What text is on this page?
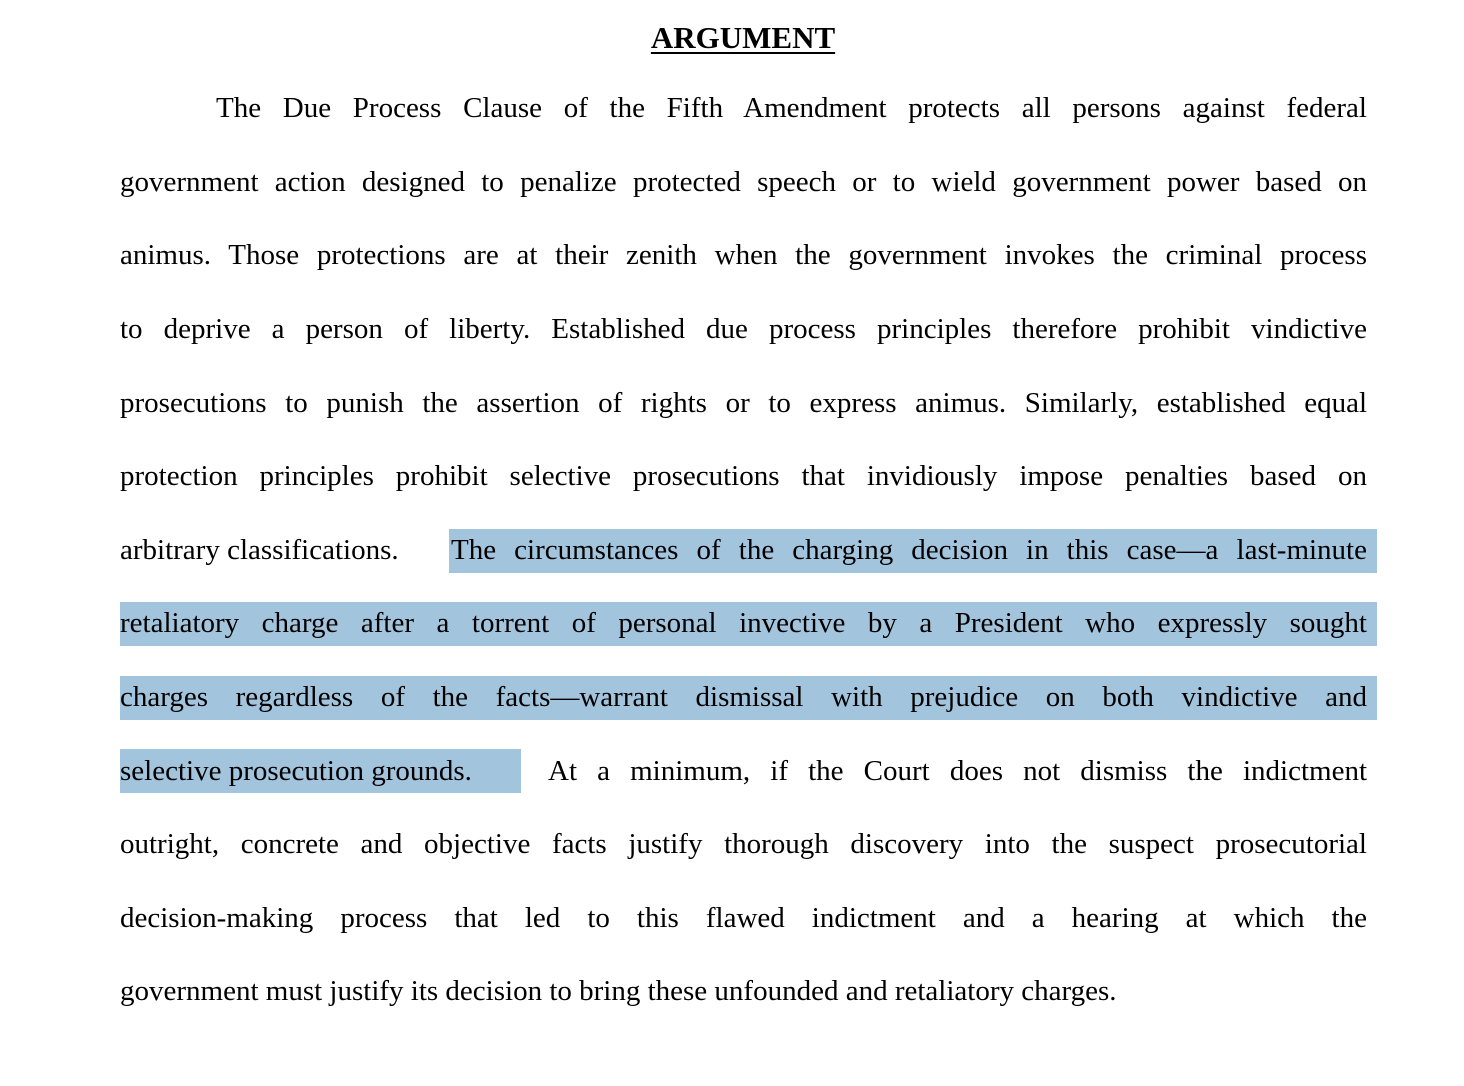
ARGUMENT
The Due Process Clause of the Fifth Amendment protects all persons against federal
government action designed to penalize protected speech or to wield government power based on
animus. Those protections are at their zenith when the government invokes the criminal process
to deprive a person of liberty. Established due process principles therefore prohibit vindictive
prosecutions to punish the assertion of rights or to express animus. Similarly, established equal
protection principles prohibit selective prosecutions that invidiously impose penalties based on
arbitrary classifications.	The circumstances of the charging decision in this case—a last-minute
retaliatory charge after a torrent of personal invective by a President who expressly sought
charges regardless of the facts—warrant dismissal with prejudice on both vindictive and
selective prosecution grounds.	At a minimum, if the Court does not dismiss the indictment
outright, concrete and objective facts justify thorough discovery into the suspect prosecutorial
decision-making process that led to this flawed indictment and a hearing at which the
government must justify its decision to bring these unfounded and retaliatory charges.
